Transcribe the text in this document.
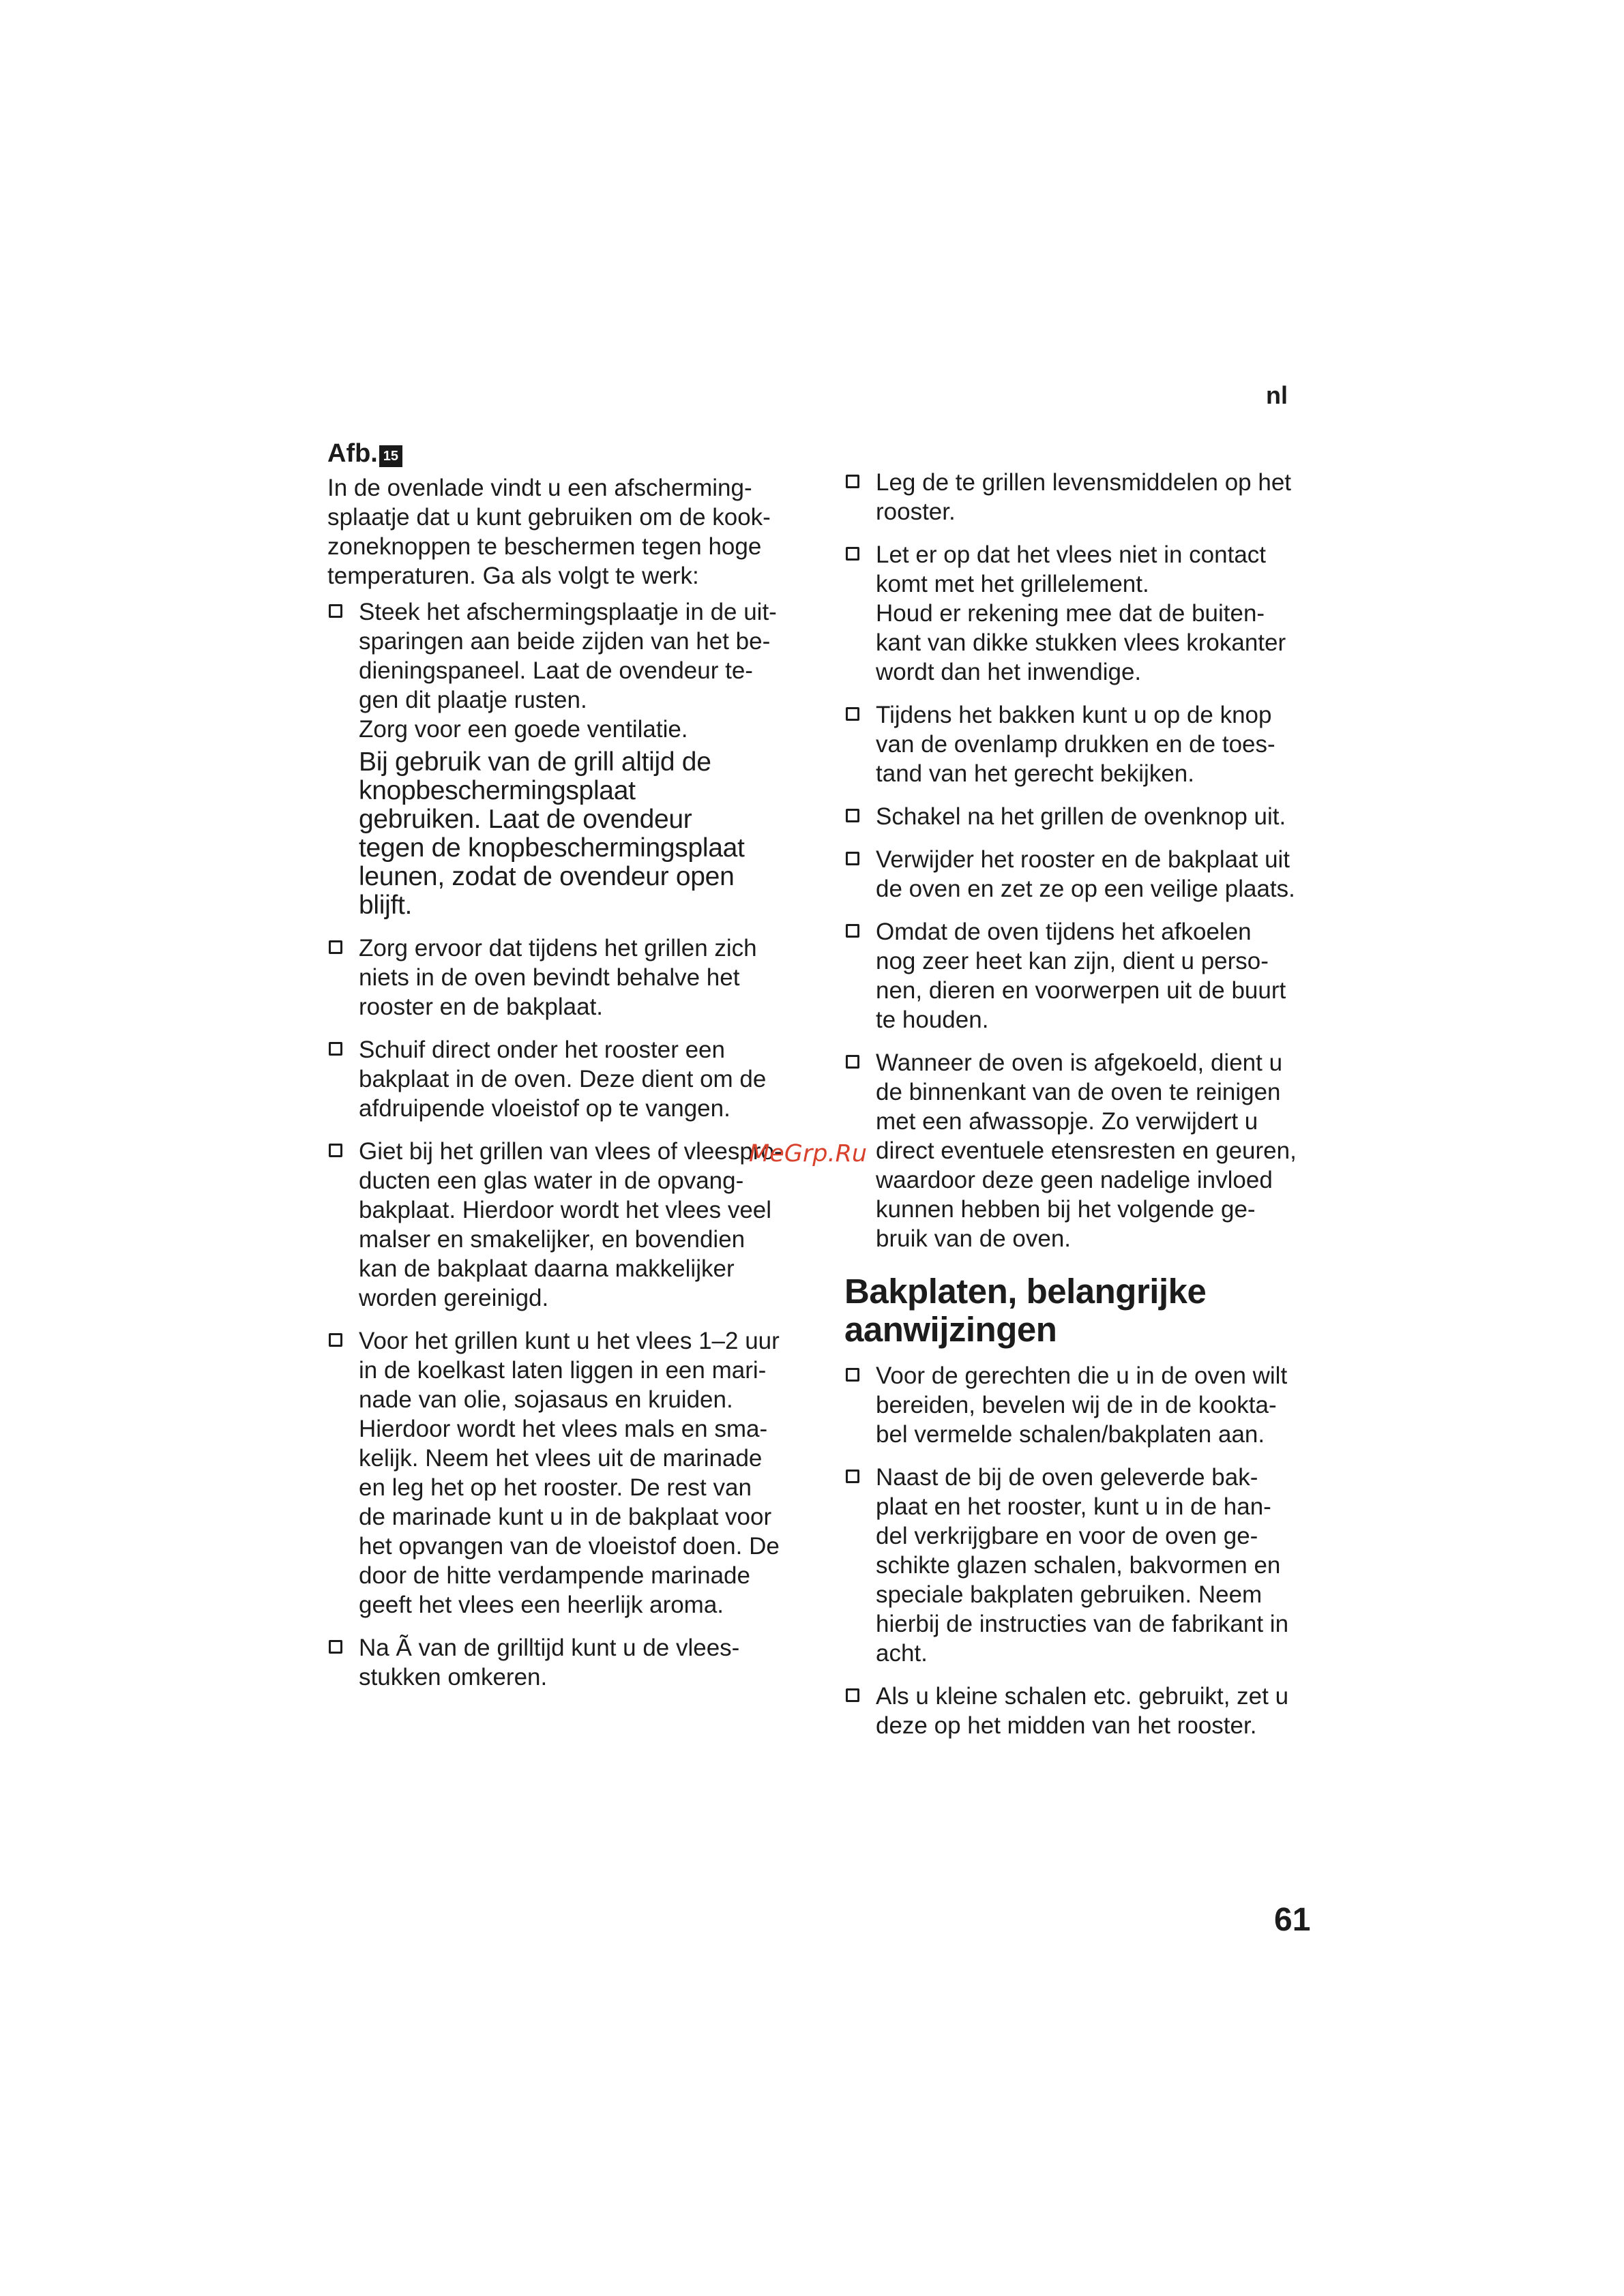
nl
Afb. 15

In de ovenlade vindt u een afscherming-
splaatje dat u kunt gebruiken om de kook-
zoneknoppen te beschermen tegen hoge
temperaturen. Ga als volgt te werk:

Steek het afschermingsplaatje in de uit-
sparingen aan beide zijden van het be-
dieningspaneel. Laat de ovendeur te-
gen dit plaatje rusten.
Zorg voor een goede ventilatie.

Bij gebruik van de grill altijd de
knopbeschermingsplaat
gebruiken. Laat de ovendeur
tegen de knopbeschermingsplaat
leunen, zodat de ovendeur open
blijft.

Zorg ervoor dat tijdens het grillen zich
niets in de oven bevindt behalve het
rooster en de bakplaat.

Schuif direct onder het rooster een
bakplaat in de oven. Deze dient om de
afdruipende vloeistof op te vangen.

Giet bij het grillen van vlees of vleespro-
ducten een glas water in de opvang-
bakplaat. Hierdoor wordt het vlees veel
malser en smakelijker, en bovendien
kan de bakplaat daarna makkelijker
worden gereinigd.

Voor het grillen kunt u het vlees 1–2 uur
in de koelkast laten liggen in een mari-
nade van olie, sojasaus en kruiden.
Hierdoor wordt het vlees mals en sma-
kelijk. Neem het vlees uit de marinade
en leg het op het rooster. De rest van
de marinade kunt u in de bakplaat voor
het opvangen van de vloeistof doen. De
door de hitte verdampende marinade
geeft het vlees een heerlijk aroma.

Na Ã van de grilltijd kunt u de vlees-
stukken omkeren.

Leg de te grillen levensmiddelen op het
rooster.

Let er op dat het vlees niet in contact
komt met het grillelement.
Houd er rekening mee dat de buiten-
kant van dikke stukken vlees krokanter
wordt dan het inwendige.

Tijdens het bakken kunt u op de knop
van de ovenlamp drukken en de toes-
tand van het gerecht bekijken.

Schakel na het grillen de ovenknop uit.

Verwijder het rooster en de bakplaat uit
de oven en zet ze op een veilige plaats.

Omdat de oven tijdens het afkoelen
nog zeer heet kan zijn, dient u perso-
nen, dieren en voorwerpen uit de buurt
te houden.

Wanneer de oven is afgekoeld, dient u
de binnenkant van de oven te reinigen
met een afwassopje. Zo verwijdert u
direct eventuele etensresten en geuren,
waardoor deze geen nadelige invloed
kunnen hebben bij het volgende ge-
bruik van de oven.

Bakplaten, belangrijke
aanwijzingen

Voor de gerechten die u in de oven wilt
bereiden, bevelen wij de in de kookta-
bel vermelde schalen/bakplaten aan.

Naast de bij de oven geleverde bak-
plaat en het rooster, kunt u in de han-
del verkrijgbare en voor de oven ge-
schikte glazen schalen, bakvormen en
speciale bakplaten gebruiken. Neem
hierbij de instructies van de fabrikant in
acht.

Als u kleine schalen etc. gebruikt, zet u
deze op het midden van het rooster.

MeGrp.Ru
61
